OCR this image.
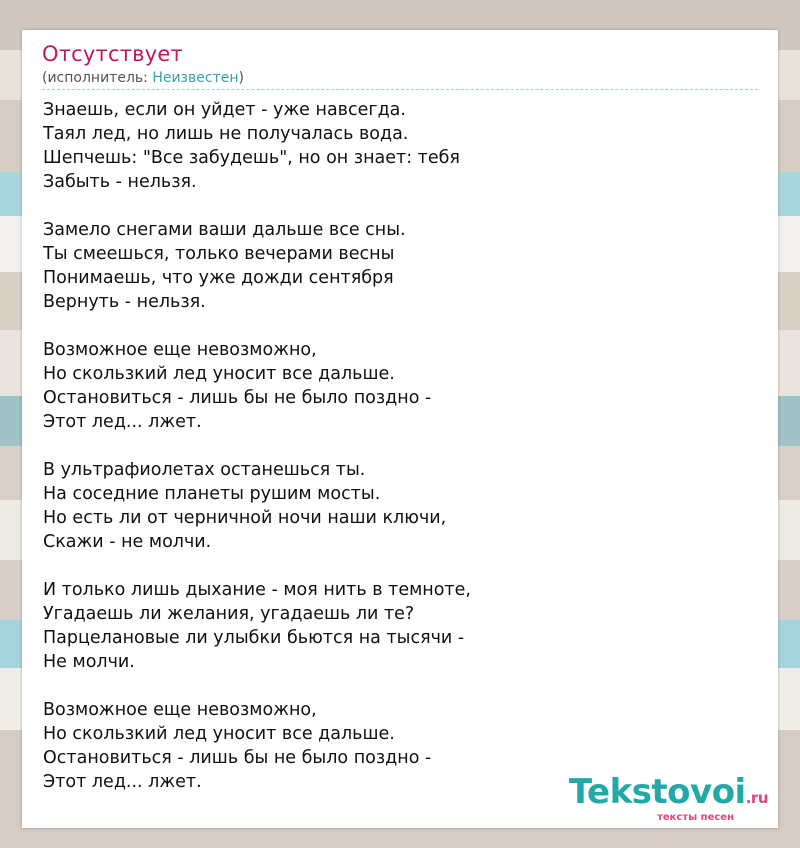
Отсутствует
(исполнитель: Неизвестен)
Знаешь, если он уйдет - уже навсегда.
Таял лед, но лишь не получалась вода.
Шепчешь: "Все забудешь", но он знает: тебя
Забыть - нельзя.
Замело снегами ваши дальше все сны.
Ты смеешься, только вечерами весны
Понимаешь, что уже дожди сентября
Вернуть - нельзя.
Возможное еще невозможно,
Но скользкий лед уносит все дальше.
Остановиться - лишь бы не было поздно -
Этот лед... лжет.
В ультрафиолетах останешься ты.
На соседние планеты рушим мосты.
Но есть ли от черничной ночи наши ключи,
Скажи - не молчи.
И только лишь дыхание - моя нить в темноте,
Угадаешь ли желания, угадаешь ли те?
Парцелановые ли улыбки бьются на тысячи -
Не молчи.
Возможное еще невозможно,
Но скользкий лед уносит все дальше.
Остановиться - лишь бы не было поздно -
Этот лед... лжет.	Tekstovoi.ru
тексты песен
